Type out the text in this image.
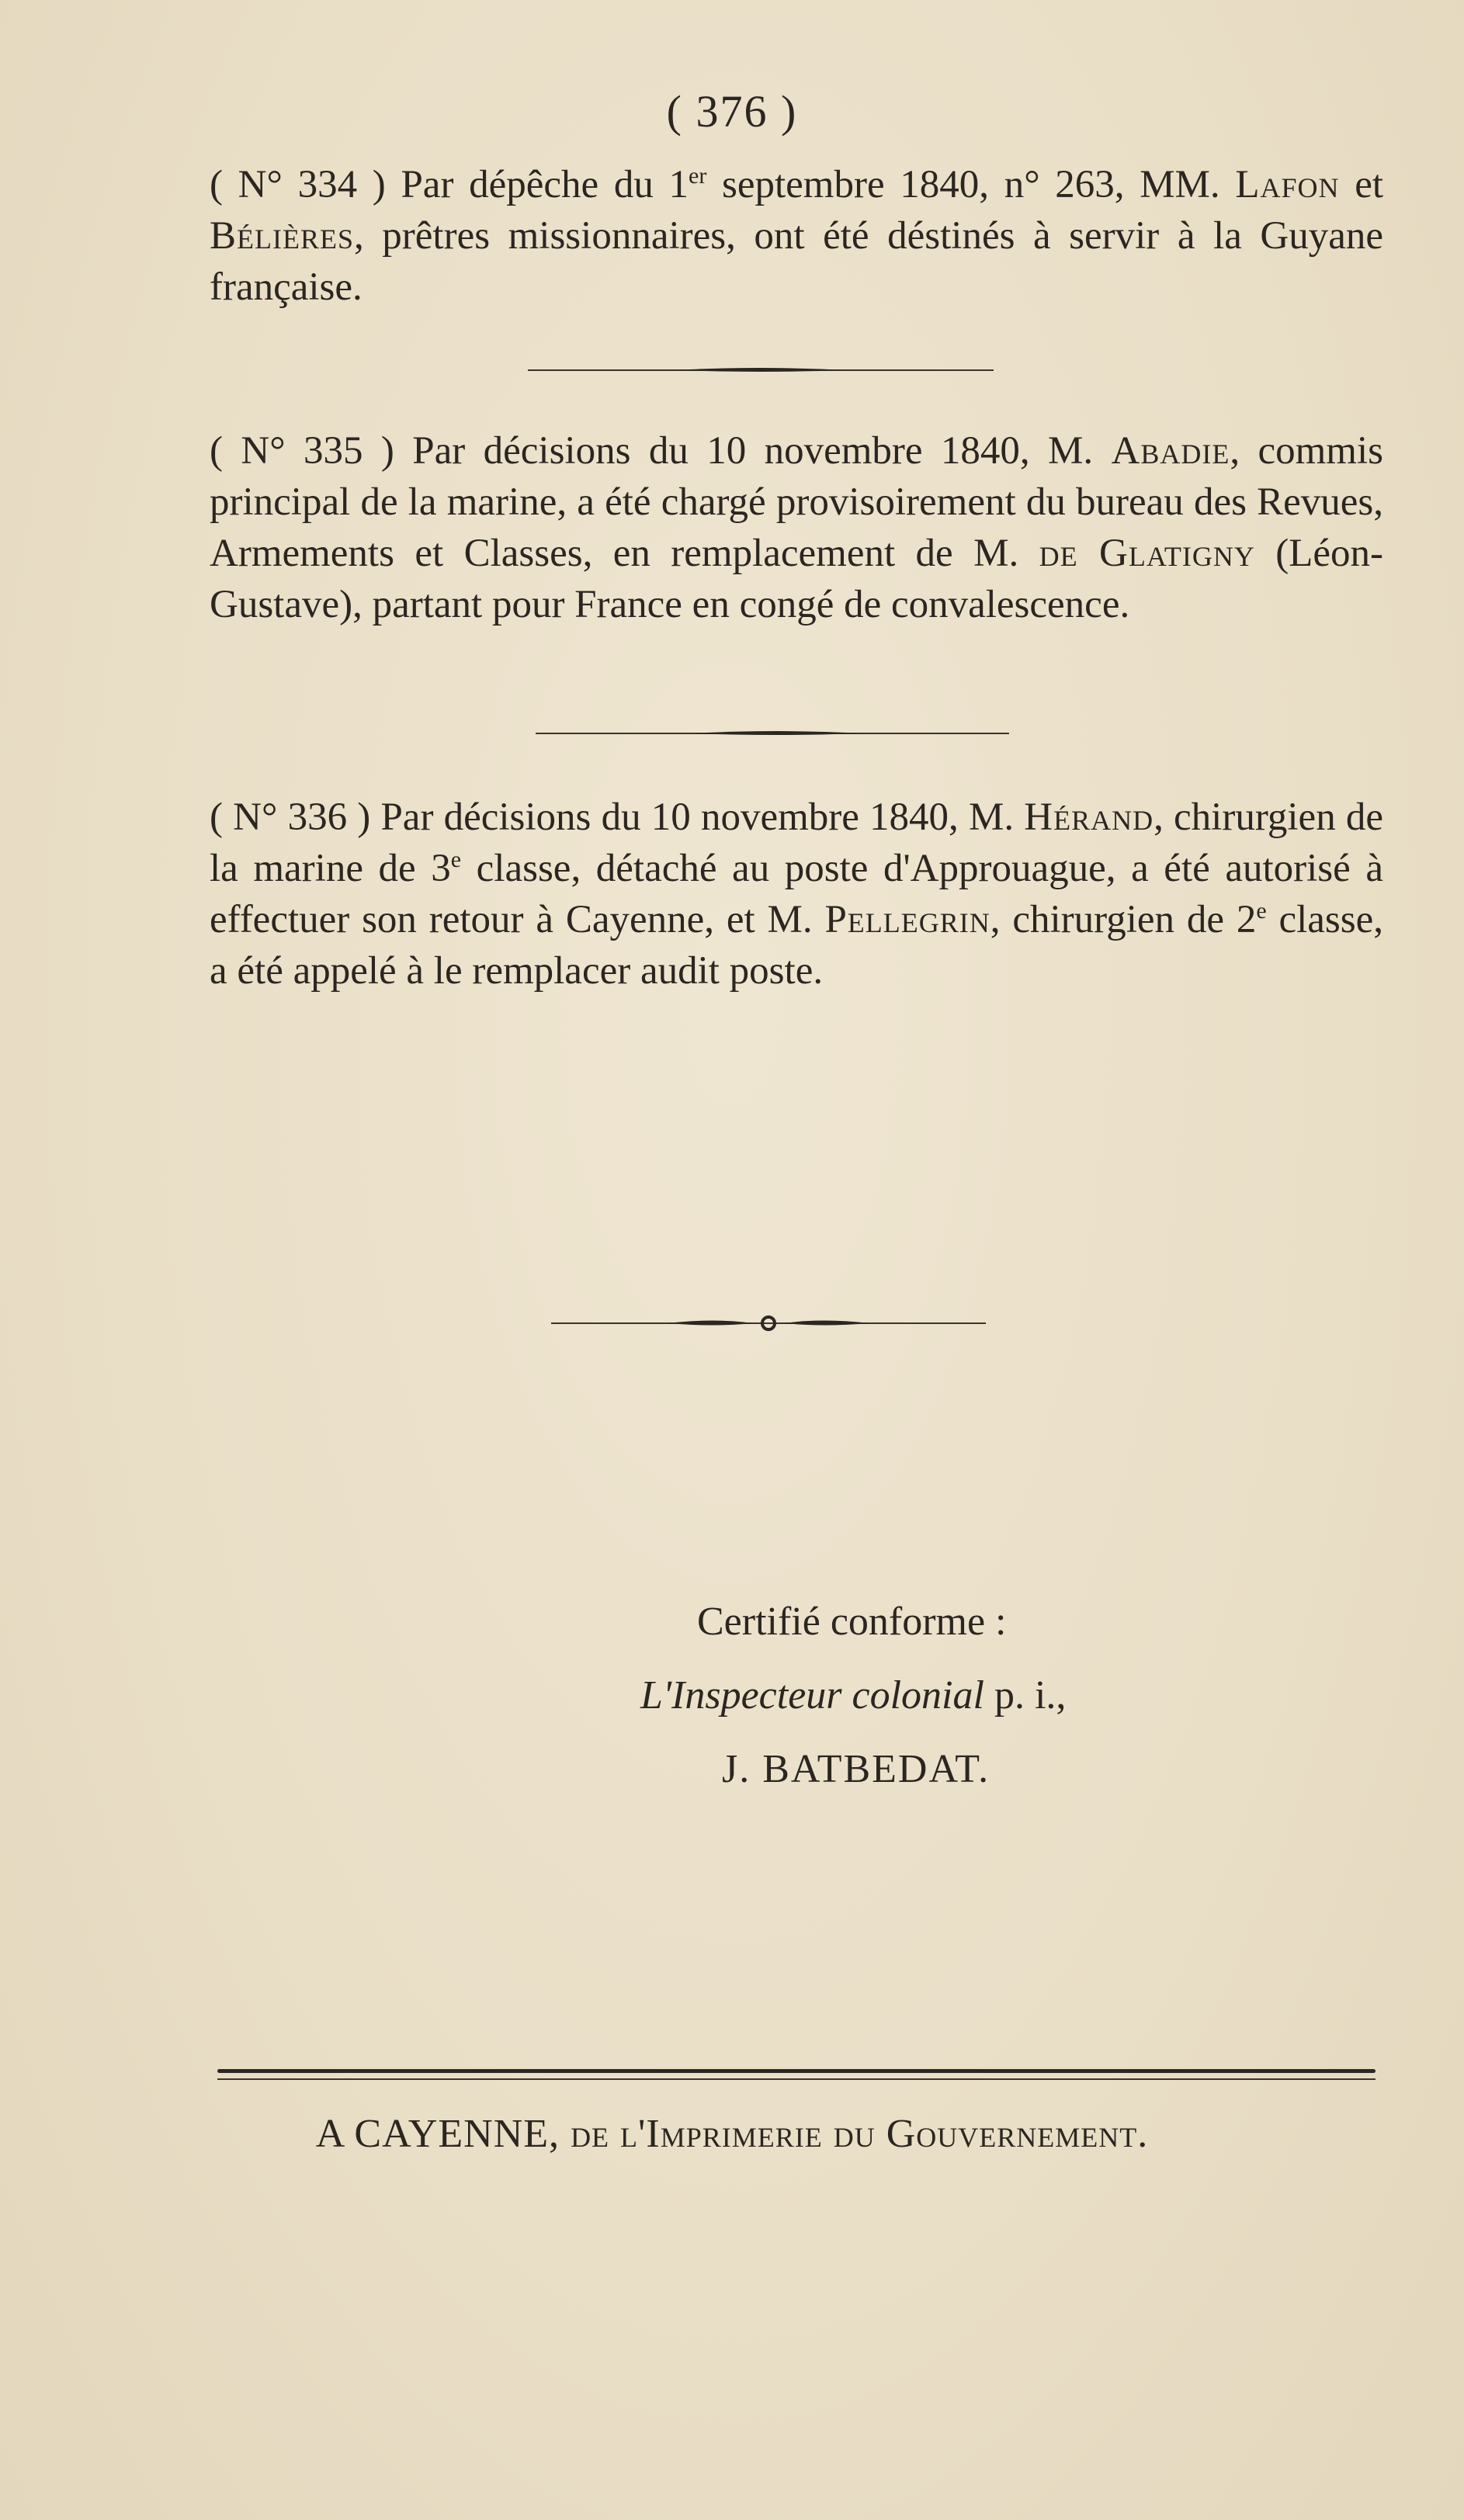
( 376 )

( N° 334 ) Par dépêche du 1er septembre 1840, n° 263, MM. Lafon et Bélières, prêtres missionnaires, ont été déstinés à servir à la Guyane française.

( N° 335 ) Par décisions du 10 novembre 1840, M. Abadie, commis principal de la marine, a été chargé provisoirement du bureau des Revues, Armements et Classes, en remplacement de M. de Glatigny (Léon-Gustave), partant pour France en congé de convalescence.

( N° 336 ) Par décisions du 10 novembre 1840, M. Hérand, chirurgien de la marine de 3e classe, détaché au poste d'Approuague, a été autorisé à effectuer son retour à Cayenne, et M. Pellegrin, chirurgien de 2e classe, a été appelé à le remplacer audit poste.

Certifié conforme :
L'Inspecteur colonial p. i.,
J. BATBEDAT.
A CAYENNE, de l'Imprimerie du Gouvernement.
